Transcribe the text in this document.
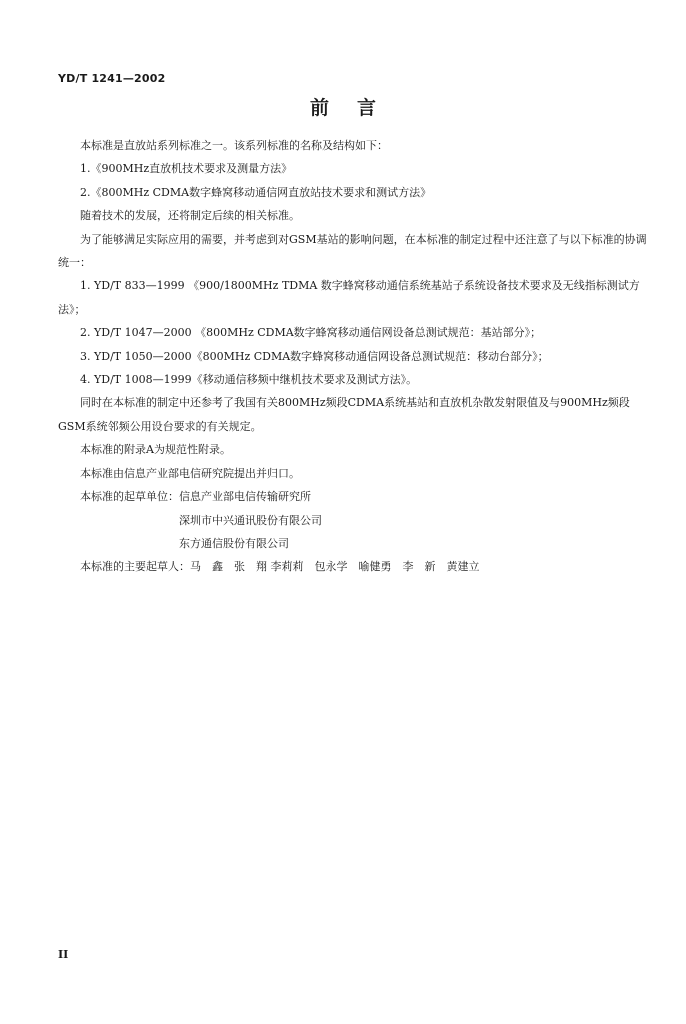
YD/T 1241—2002
前言

本标准是直放站系列标准之一。该系列标准的名称及结构如下：

1.《900MHz直放机技术要求及测量方法》

2.《800MHz CDMA数字蜂窝移动通信网直放站技术要求和测试方法》

随着技术的发展，还将制定后续的相关标准。

为了能够满足实际应用的需要，并考虑到对GSM基站的影响问题，在本标准的制定过程中还注意了与以下标准的协调统一：

1. YD/T 833—1999 《900/1800MHz TDMA 数字蜂窝移动通信系统基站子系统设备技术要求及无线指标测试方法》；

2. YD/T 1047—2000 《800MHz CDMA数字蜂窝移动通信网设备总测试规范：基站部分》；

3. YD/T 1050—2000《800MHz CDMA数字蜂窝移动通信网设备总测试规范：移动台部分》；

4. YD/T 1008—1999《移动通信移频中继机技术要求及测试方法》。

同时在本标准的制定中还参考了我国有关800MHz频段CDMA系统基站和直放机杂散发射限值及与900MHz频段GSM系统邻频公用设台要求的有关规定。

本标准的附录A为规范性附录。

本标准由信息产业部电信研究院提出并归口。

本标准的起草单位： 信息产业部电信传输研究所
深圳市中兴通讯股份有限公司
东方通信股份有限公司

本标准的主要起草人：马　鑫　张　翔 李莉莉　包永学　喻健勇　李　新　黄建立

II
